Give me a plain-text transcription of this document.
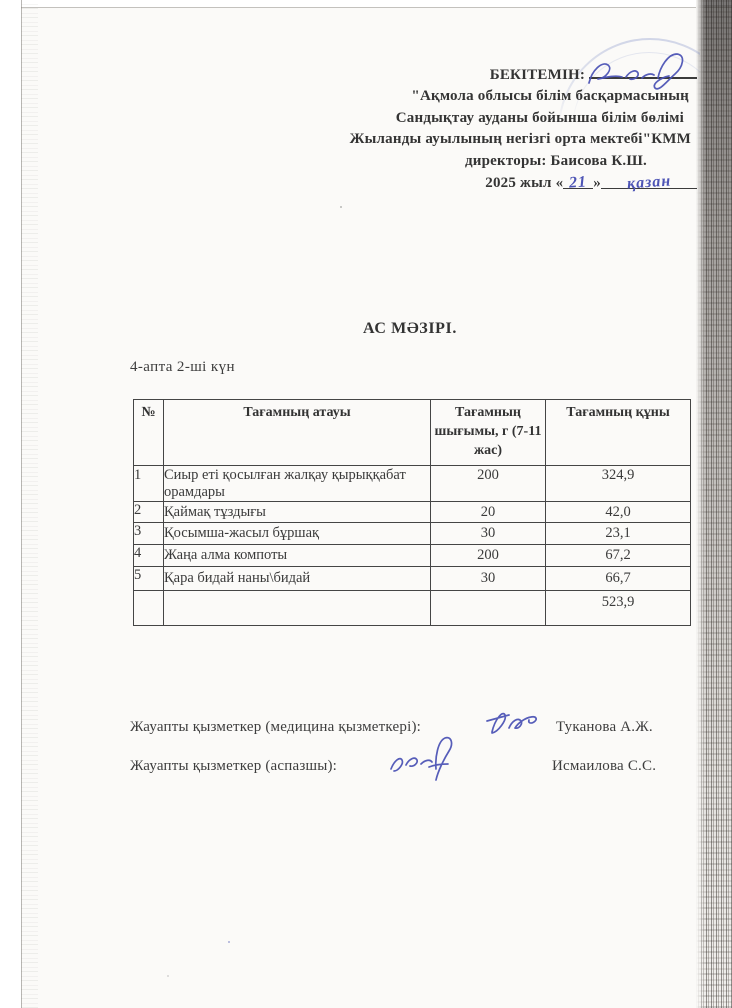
БЕКІТЕМІН:
"Ақмола облысы білім басқармасының
Сандықтау ауданы бойынша білім бөлімі
Жыланды ауылының негізгі орта мектебі"КММ
директоры: Баисова К.Ш.
2025 жыл « 21 » қазан
АС МӘЗІРІ.
4-апта 2-ші күн
№	Тағамның атауы	Тағамның шығымы, г (7-11 жас)	Тағамның құны
1	Сиыр еті қосылған жалқау қырыққабат орамдары	200	324,9
2	Қаймақ тұздығы	20	42,0
3	Қосымша-жасыл бұршақ	30	23,1
4	Жаңа алма компоты	200	67,2
5	Қара бидай наны\бидай	30	66,7
			523,9
Жауапты қызметкер (медицина қызметкері):	Туканова А.Ж.
Жауапты қызметкер (аспазшы):	Исмаилова С.С.
